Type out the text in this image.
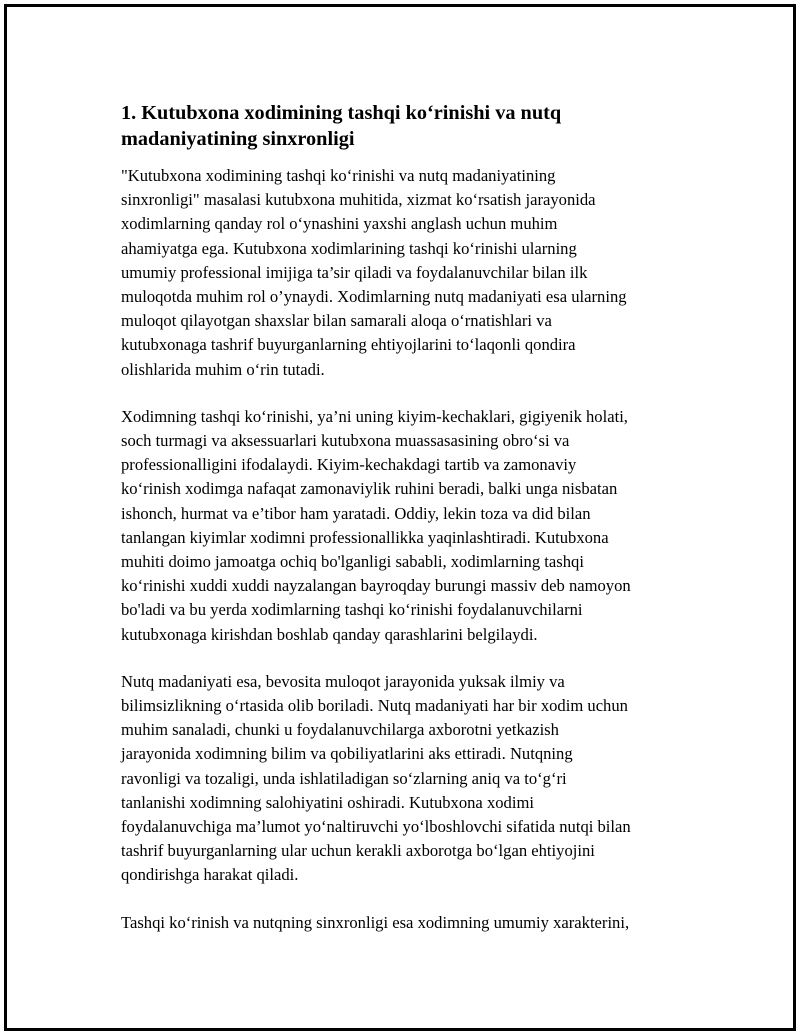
1. Kutubxona xodimining tashqi ko‘rinishi va nutq
madaniyatining sinxronligi

"Kutubxona xodimining tashqi ko‘rinishi va nutq madaniyatining
sinxronligi" masalasi kutubxona muhitida, xizmat ko‘rsatish jarayonida
xodimlarning qanday rol o‘ynashini yaxshi anglash uchun muhim
ahamiyatga ega. Kutubxona xodimlarining tashqi ko‘rinishi ularning
umumiy professional imijiga ta’sir qiladi va foydalanuvchilar bilan ilk
muloqotda muhim rol o’ynaydi. Xodimlarning nutq madaniyati esa ularning
muloqot qilayotgan shaxslar bilan samarali aloqa o‘rnatishlari va
kutubxonaga tashrif buyurganlarning ehtiyojlarini to‘laqonli qondira
olishlarida muhim o‘rin tutadi.

Xodimning tashqi ko‘rinishi, ya’ni uning kiyim-kechaklari, gigiyenik holati,
soch turmagi va aksessuarlari kutubxona muassasasining obro‘si va
professionalligini ifodalaydi. Kiyim-kechakdagi tartib va zamonaviy
ko‘rinish xodimga nafaqat zamonaviylik ruhini beradi, balki unga nisbatan
ishonch, hurmat va e’tibor ham yaratadi. Oddiy, lekin toza va did bilan
tanlangan kiyimlar xodimni professionallikka yaqinlashtiradi. Kutubxona
muhiti doimo jamoatga ochiq bo'lganligi sababli, xodimlarning tashqi
ko‘rinishi xuddi xuddi nayzalangan bayroqday burungi massiv deb namoyon
bo'ladi va bu yerda xodimlarning tashqi ko‘rinishi foydalanuvchilarni
kutubxonaga kirishdan boshlab qanday qarashlarini belgilaydi.

Nutq madaniyati esa, bevosita muloqot jarayonida yuksak ilmiy va
bilimsizlikning o‘rtasida olib boriladi. Nutq madaniyati har bir xodim uchun
muhim sanaladi, chunki u foydalanuvchilarga axborotni yetkazish
jarayonida xodimning bilim va qobiliyatlarini aks ettiradi. Nutqning
ravonligi va tozaligi, unda ishlatiladigan so‘zlarning aniq va to‘g‘ri
tanlanishi xodimning salohiyatini oshiradi. Kutubxona xodimi
foydalanuvchiga ma’lumot yo‘naltiruvchi yo‘lboshlovchi sifatida nutqi bilan
tashrif buyurganlarning ular uchun kerakli axborotga bo‘lgan ehtiyojini
qondirishga harakat qiladi.

Tashqi ko‘rinish va nutqning sinxronligi esa xodimning umumiy xarakterini,
